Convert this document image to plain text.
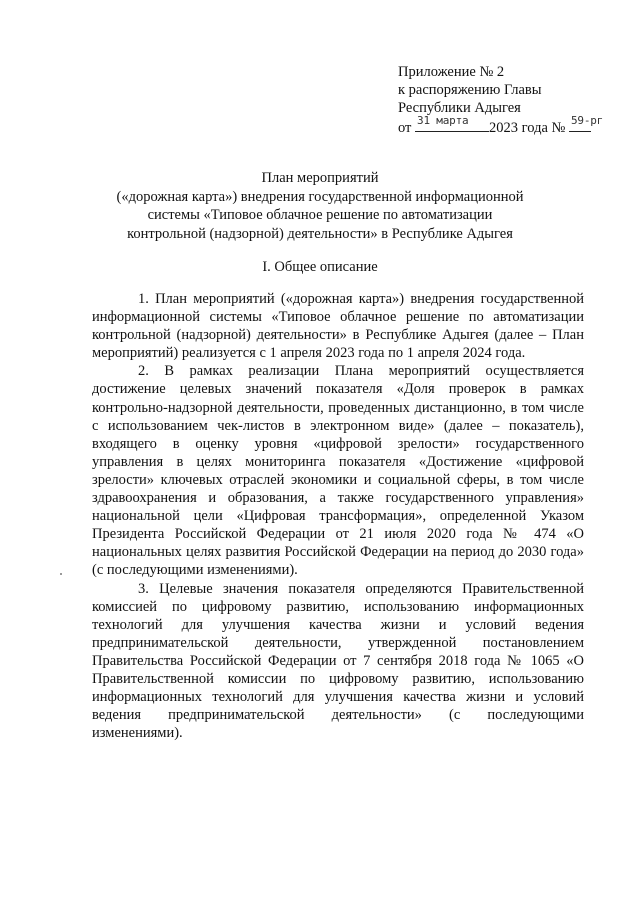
Приложение № 2
к распоряжению Главы
Республики Адыгея
от 31 марта 2023 года № 59-рг
План мероприятий
(«дорожная карта») внедрения государственной информационной
системы «Типовое облачное решение по автоматизации
контрольной (надзорной) деятельности» в Республике Адыгея
I. Общее описание

1. План мероприятий («дорожная карта») внедрения государственной информационной системы «Типовое облачное решение по автоматизации контрольной (надзорной) деятельности» в Республике Адыгея (далее – План мероприятий) реализуется с 1 апреля 2023 года по 1 апреля 2024 года.

2. В рамках реализации Плана мероприятий осуществляется достижение целевых значений показателя «Доля проверок в рамках контрольно-надзорной деятельности, проведенных дистанционно, в том числе с использованием чек-листов в электронном виде» (далее – показатель), входящего в оценку уровня «цифровой зрелости» государственного управления в целях мониторинга показателя «Достижение «цифровой зрелости» ключевых отраслей экономики и социальной сферы, в том числе здравоохранения и образования, а также государственного управления» национальной цели «Цифровая трансформация», определенной Указом Президента Российской Федерации от 21 июля 2020 года № 474 «О национальных целях развития Российской Федерации на период до 2030 года» (с последующими изменениями).

3. Целевые значения показателя определяются Правительственной комиссией по цифровому развитию, использованию информационных технологий для улучшения качества жизни и условий ведения предпринимательской деятельности, утвержденной постановлением Правительства Российской Федерации от 7 сентября 2018 года № 1065 «О Правительственной комиссии по цифровому развитию, использованию информационных технологий для улучшения качества жизни и условий ведения предпринимательской деятельности» (с последующими изменениями).
